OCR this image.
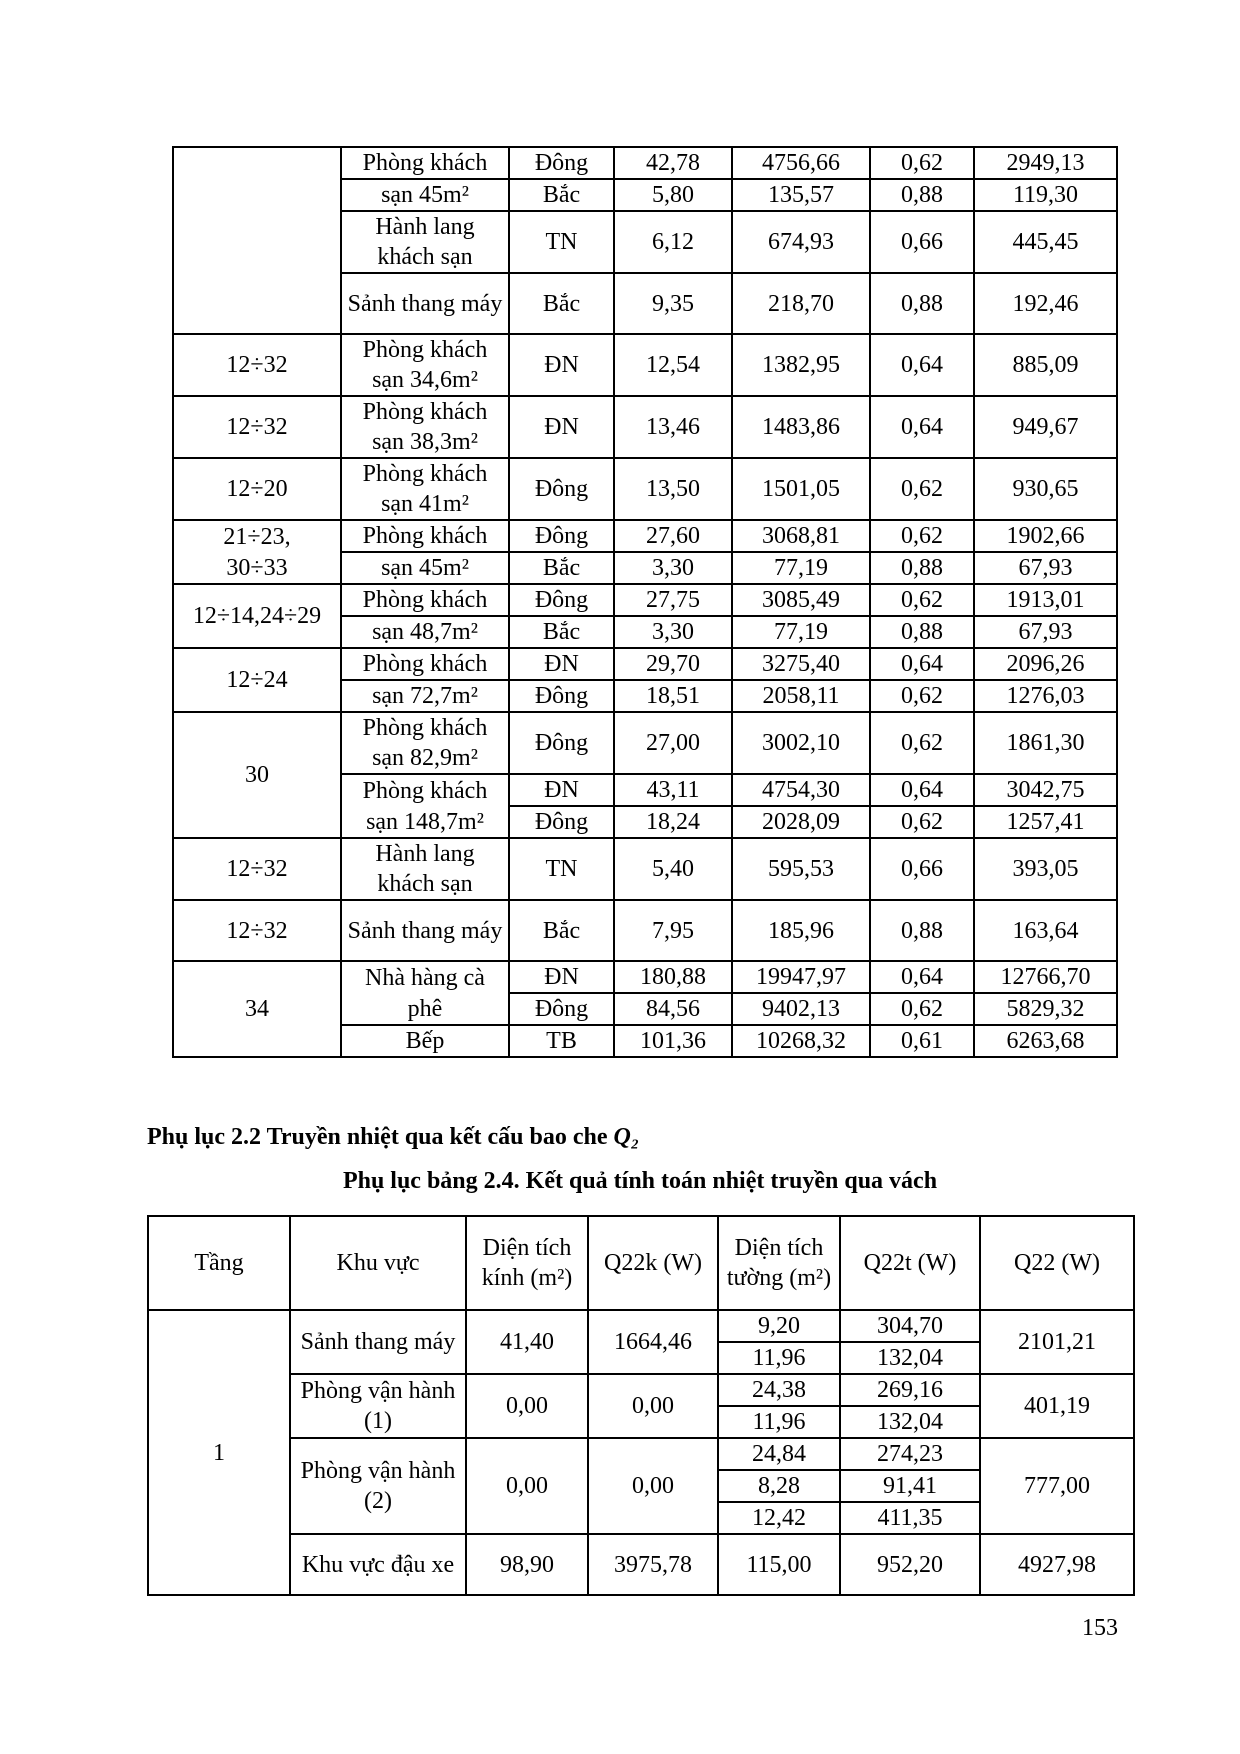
	Phòng khách	Đông	42,78	4756,66	0,62	2949,13
	sạn 45m²	Bắc	5,80	135,57	0,88	119,30
	Hành lang khách sạn	TN	6,12	674,93	0,66	445,45
	Sảnh thang máy	Bắc	9,35	218,70	0,88	192,46
12÷32	Phòng khách sạn 34,6m²	ĐN	12,54	1382,95	0,64	885,09
12÷32	Phòng khách sạn 38,3m²	ĐN	13,46	1483,86	0,64	949,67
12÷20	Phòng khách sạn 41m²	Đông	13,50	1501,05	0,62	930,65
21÷23,	Phòng khách	Đông	27,60	3068,81	0,62	1902,66
30÷33	sạn 45m²	Bắc	3,30	77,19	0,88	67,93
12÷14,24÷29	Phòng khách	Đông	27,75	3085,49	0,62	1913,01
	sạn 48,7m²	Bắc	3,30	77,19	0,88	67,93
12÷24	Phòng khách	ĐN	29,70	3275,40	0,64	2096,26
	sạn 72,7m²	Đông	18,51	2058,11	0,62	1276,03
30	Phòng khách sạn 82,9m²	Đông	27,00	3002,10	0,62	1861,30
	Phòng khách	ĐN	43,11	4754,30	0,64	3042,75
	sạn 148,7m²	Đông	18,24	2028,09	0,62	1257,41
12÷32	Hành lang khách sạn	TN	5,40	595,53	0,66	393,05
12÷32	Sảnh thang máy	Bắc	7,95	185,96	0,88	163,64
34	Nhà hàng cà	ĐN	180,88	19947,97	0,64	12766,70
	phê	Đông	84,56	9402,13	0,62	5829,32
	Bếp	TB	101,36	10268,32	0,61	6263,68
Phụ lục 2.2 Truyền nhiệt qua kết cấu bao che Q₂
Phụ lục bảng 2.4. Kết quả tính toán nhiệt truyền qua vách
Tầng	Khu vực	Diện tích kính (m²)	Q22k (W)	Diện tích tường (m²)	Q22t (W)	Q22 (W)
1	Sảnh thang máy	41,40	1664,46	9,20	304,70	2101,21
				11,96	132,04	
	Phòng vận hành (1)	0,00	0,00	24,38	269,16	401,19
				11,96	132,04	
	Phòng vận hành (2)	0,00	0,00	24,84	274,23	777,00
				8,28	91,41	
				12,42	411,35	
	Khu vực đậu xe	98,90	3975,78	115,00	952,20	4927,98
153
